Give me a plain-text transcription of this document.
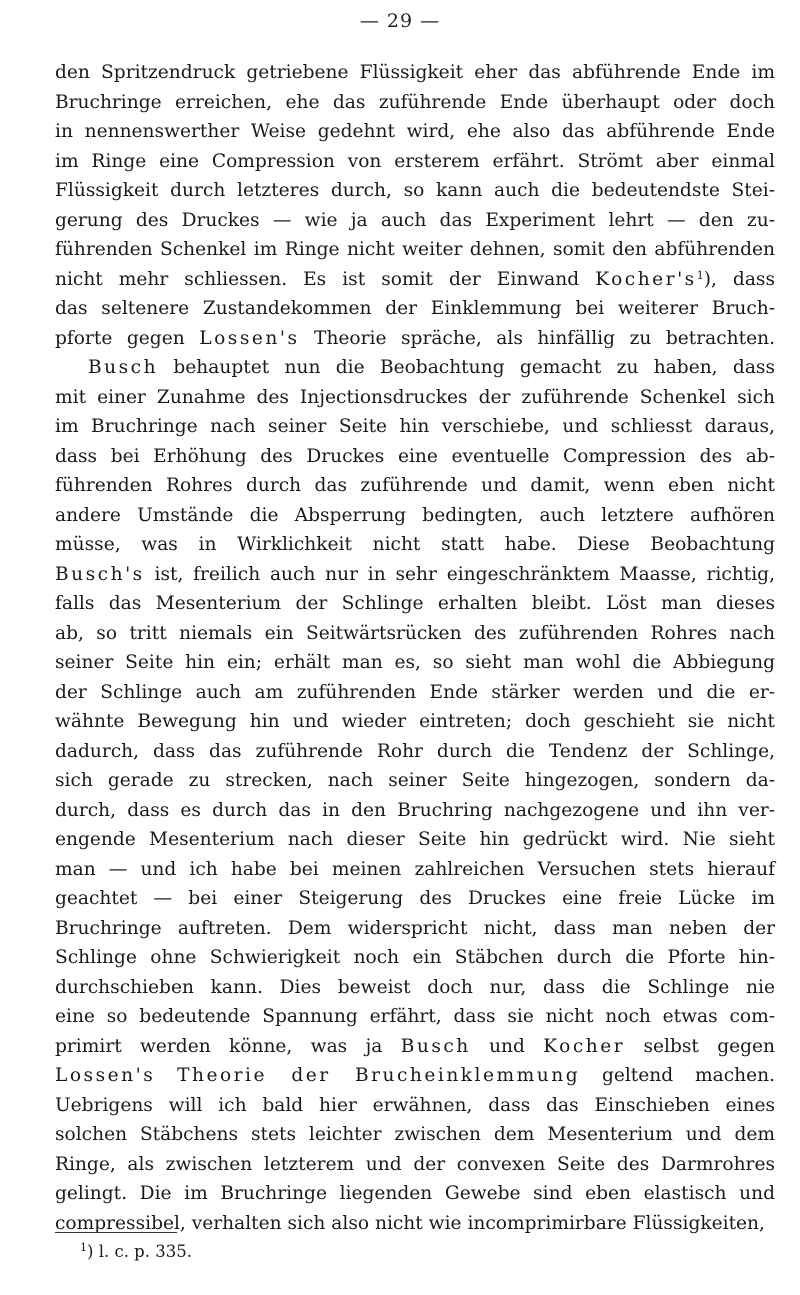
— 29 —
den Spritzendruck getriebene Flüssigkeit eher das abführende Ende im
Bruchringe erreichen, ehe das zuführende Ende überhaupt oder doch
in nennenswerther Weise gedehnt wird, ehe also das abführende Ende
im Ringe eine Compression von ersterem erfährt. Strömt aber einmal
Flüssigkeit durch letzteres durch, so kann auch die bedeutendste Stei-
gerung des Druckes — wie ja auch das Experiment lehrt — den zu-
führenden Schenkel im Ringe nicht weiter dehnen, somit den abführenden
nicht mehr schliessen. Es ist somit der Einwand $Kocher's^1$), dass
das seltenere Zustandekommen der Einklemmung bei weiterer Bruch-
pforte gegen Lossen's Theorie spräche, als hinfällig zu betrachten.
Busch behauptet nun die Beobachtung gemacht zu haben, dass
mit einer Zunahme des Injectionsdruckes der zuführende Schenkel sich
im Bruchringe nach seiner Seite hin verschiebe, und schliesst daraus,
dass bei Erhöhung des Druckes eine eventuelle Compression des ab-
führenden Rohres durch das zuführende und damit, wenn eben nicht
andere Umstände die Absperrung bedingten, auch letztere aufhören
müsse, was in Wirklichkeit nicht statt habe. Diese Beobachtung
Busch's ist, freilich auch nur in sehr eingeschränktem Maasse, richtig,
falls das Mesenterium der Schlinge erhalten bleibt. Löst man dieses
ab, so tritt niemals ein Seitwärtsrücken des zuführenden Rohres nach
seiner Seite hin ein; erhält man es, so sieht man wohl die Abbiegung
der Schlinge auch am zuführenden Ende stärker werden und die er-
wähnte Bewegung hin und wieder eintreten; doch geschieht sie nicht
dadurch, dass das zuführende Rohr durch die Tendenz der Schlinge,
sich gerade zu strecken, nach seiner Seite hingezogen, sondern da-
durch, dass es durch das in den Bruchring nachgezogene und ihn ver-
engende Mesenterium nach dieser Seite hin gedrückt wird. Nie sieht
man — und ich habe bei meinen zahlreichen Versuchen stets hierauf
geachtet — bei einer Steigerung des Druckes eine freie Lücke im
Bruchringe auftreten. Dem widerspricht nicht, dass man neben der
Schlinge ohne Schwierigkeit noch ein Stäbchen durch die Pforte hin-
durchschieben kann. Dies beweist doch nur, dass die Schlinge nie
eine so bedeutende Spannung erfährt, dass sie nicht noch etwas com-
primirt werden könne, was ja Busch und Kocher selbst gegen
Lossen's Theorie der Brucheinklemmung geltend machen.
Uebrigens will ich bald hier erwähnen, dass das Einschieben eines
solchen Stäbchens stets leichter zwischen dem Mesenterium und dem
Ringe, als zwischen letzterem und der convexen Seite des Darmrohres
gelingt. Die im Bruchringe liegenden Gewebe sind eben elastisch und
compressibel, verhalten sich also nicht wie incomprimirbare Flüssigkeiten,
$^1$) l. c. p. 335.
